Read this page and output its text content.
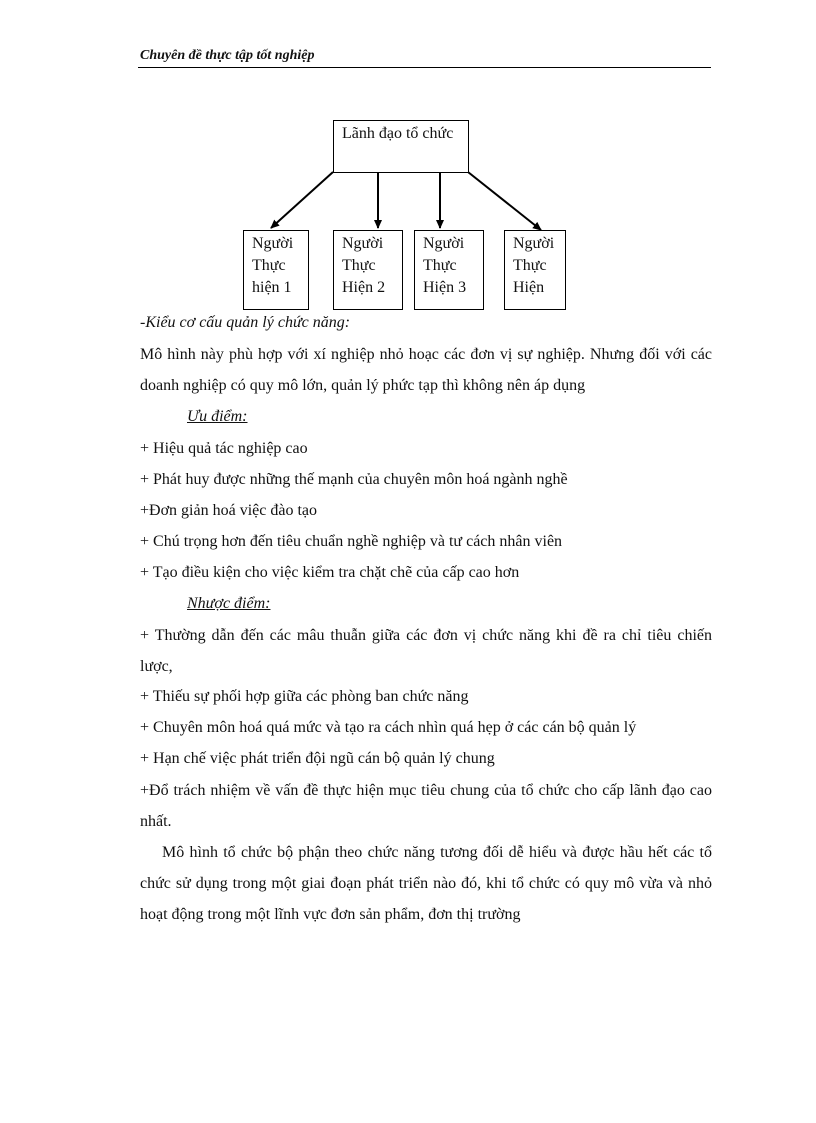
Chuyên đề thực tập tốt nghiệp
Lãnh đạo tổ chức
Người Thực hiện 1
Người Thực Hiện 2
Người Thực Hiện 3
Người Thực Hiện
-Kiểu cơ cấu quản lý chức năng:

Mô hình này phù hợp với xí nghiệp nhỏ hoạc các đơn vị sự nghiệp. Nhưng đối với các doanh nghiệp có quy mô lớn, quản lý phức tạp thì không nên áp dụng

Ưu điểm:
+ Hiệu quả tác nghiệp cao
+ Phát huy được những thế mạnh của chuyên môn hoá ngành nghề
+Đơn giản hoá việc đào tạo
+ Chú trọng hơn đến tiêu chuẩn nghề nghiệp và tư cách nhân viên
+ Tạo điều kiện cho việc kiểm tra chặt chẽ của cấp cao hơn
Nhược điểm:

+ Thường dẫn đến các mâu thuẫn giữa các đơn vị chức năng khi đề ra chỉ tiêu chiến lược,

+ Thiếu sự phối hợp giữa các phòng ban chức năng
+ Chuyên môn hoá quá mức và tạo ra cách nhìn quá hẹp ở các cán bộ quản lý
+ Hạn chế việc phát triển đội ngũ cán bộ quản lý chung

+Đổ trách nhiệm về vấn đề thực hiện mục tiêu chung của tổ chức cho cấp lãnh đạo cao nhất.

Mô hình tổ chức bộ phận theo chức năng tương đối dễ hiểu và được hầu hết các tổ chức sử dụng trong một giai đoạn phát triển nào đó, khi tổ chức có quy mô vừa và nhỏ hoạt động trong một lĩnh vực đơn sản phẩm, đơn thị trường
